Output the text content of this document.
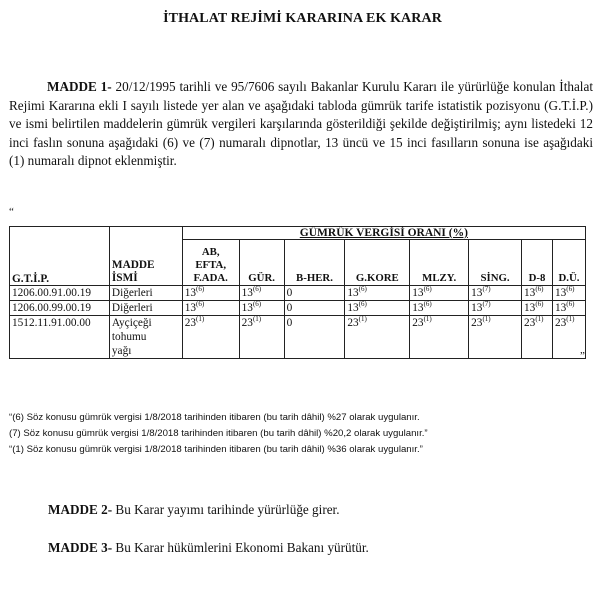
İTHALAT REJİMİ KARARINA EK KARAR
MADDE 1- 20/12/1995 tarihli ve 95/7606 sayılı Bakanlar Kurulu Kararı ile yürürlüğe konulan İthalat Rejimi Kararına ekli I sayılı listede yer alan ve aşağıdaki tabloda gümrük tarife istatistik pozisyonu (G.T.İ.P.) ve ismi belirtilen maddelerin gümrük vergileri karşılarında gösterildiği şekilde değiştirilmiş; aynı listedeki 12 inci faslın sonuna aşağıdaki (6) ve (7) numaralı dipnotlar, 13 üncü ve 15 inci fasılların sonuna ise aşağıdaki (1) numaralı dipnot eklenmiştir.
“
G.T.İ.P.	MADDE
İSMİ	GÜMRÜK VERGİSİ ORANI (%)							
		AB,
EFTA,
F.ADA.	GÜR.	B-HER.	G.KORE	MLZY.	SİNG.	D-8	D.Ü.
1206.00.91.00.19	Diğerleri	13$^{(6)}$	13$^{(6)}$	0	13$^{(6)}$	13$^{(6)}$	13$^{(7)}$	13$^{(6)}$	13$^{(6)}$
1206.00.99.00.19	Diğerleri	13$^{(6)}$	13$^{(6)}$	0	13$^{(6)}$	13$^{(6)}$	13$^{(7)}$	13$^{(6)}$	13$^{(6)}$
1512.11.91.00.00	Ayçiçeği
tohumu
yağı	23$^{(1)}$	23$^{(1)}$	0	23$^{(1)}$	23$^{(1)}$	23$^{(1)}$	23$^{(1)}$	23$^{(1)}$
”
“(6) Söz konusu gümrük vergisi 1/8/2018 tarihinden itibaren (bu tarih dâhil) %27 olarak uygulanır.
(7) Söz konusu gümrük vergisi 1/8/2018 tarihinden itibaren (bu tarih dâhil) %20,2 olarak uygulanır.”
“(1) Söz konusu gümrük vergisi 1/8/2018 tarihinden itibaren (bu tarih dâhil) %36 olarak uygulanır.”
MADDE 2- Bu Karar yayımı tarihinde yürürlüğe girer.
MADDE 3- Bu Karar hükümlerini Ekonomi Bakanı yürütür.
